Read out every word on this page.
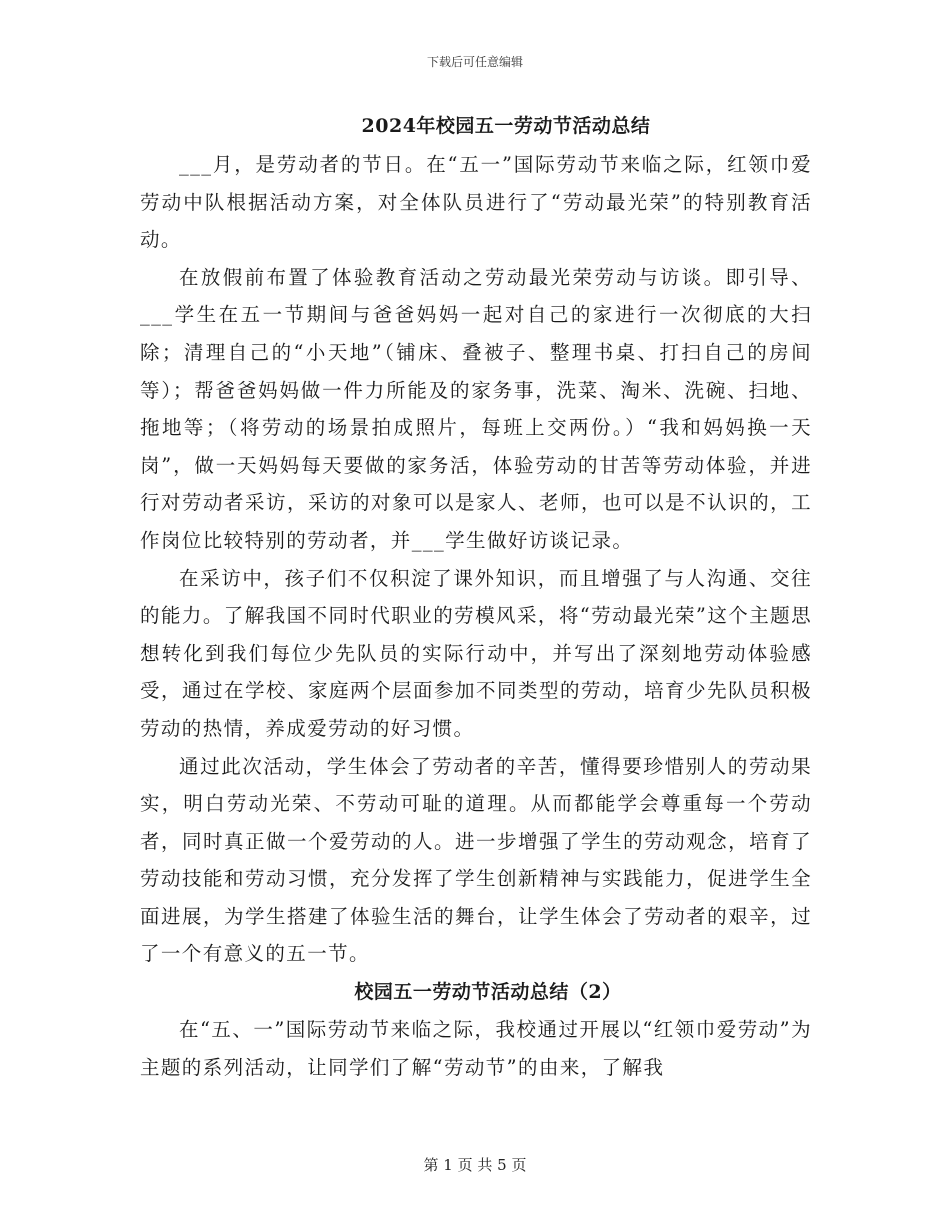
下载后可任意编辑
2024年校园五一劳动节活动总结

___月，是劳动者的节日。在“五一”国际劳动节来临之际，红领巾爱劳动中队根据活动方案，对全体队员进行了“劳动最光荣”的特别教育活动。

在放假前布置了体验教育活动之劳动最光荣劳动与访谈。即引导、___学生在五一节期间与爸爸妈妈一起对自己的家进行一次彻底的大扫除；清理自己的“小天地”（铺床、叠被子、整理书桌、打扫自己的房间等）；帮爸爸妈妈做一件力所能及的家务事，洗菜、淘米、洗碗、扫地、拖地等；（将劳动的场景拍成照片，每班上交两份。）“我和妈妈换一天岗”，做一天妈妈每天要做的家务活，体验劳动的甘苦等劳动体验，并进行对劳动者采访，采访的对象可以是家人、老师，也可以是不认识的，工作岗位比较特别的劳动者，并___学生做好访谈记录。

在采访中，孩子们不仅积淀了课外知识，而且增强了与人沟通、交往的能力。了解我国不同时代职业的劳模风采，将“劳动最光荣”这个主题思想转化到我们每位少先队员的实际行动中，并写出了深刻地劳动体验感受，通过在学校、家庭两个层面参加不同类型的劳动，培育少先队员积极劳动的热情，养成爱劳动的好习惯。

通过此次活动，学生体会了劳动者的辛苦，懂得要珍惜别人的劳动果实，明白劳动光荣、不劳动可耻的道理。从而都能学会尊重每一个劳动者，同时真正做一个爱劳动的人。进一步增强了学生的劳动观念，培育了劳动技能和劳动习惯，充分发挥了学生创新精神与实践能力，促进学生全面进展，为学生搭建了体验生活的舞台，让学生体会了劳动者的艰辛，过了一个有意义的五一节。

校园五一劳动节活动总结（2）

在“五、一”国际劳动节来临之际，我校通过开展以“红领巾爱劳动”为主题的系列活动，让同学们了解“劳动节”的由来，了解我

第 1 页 共 5 页
